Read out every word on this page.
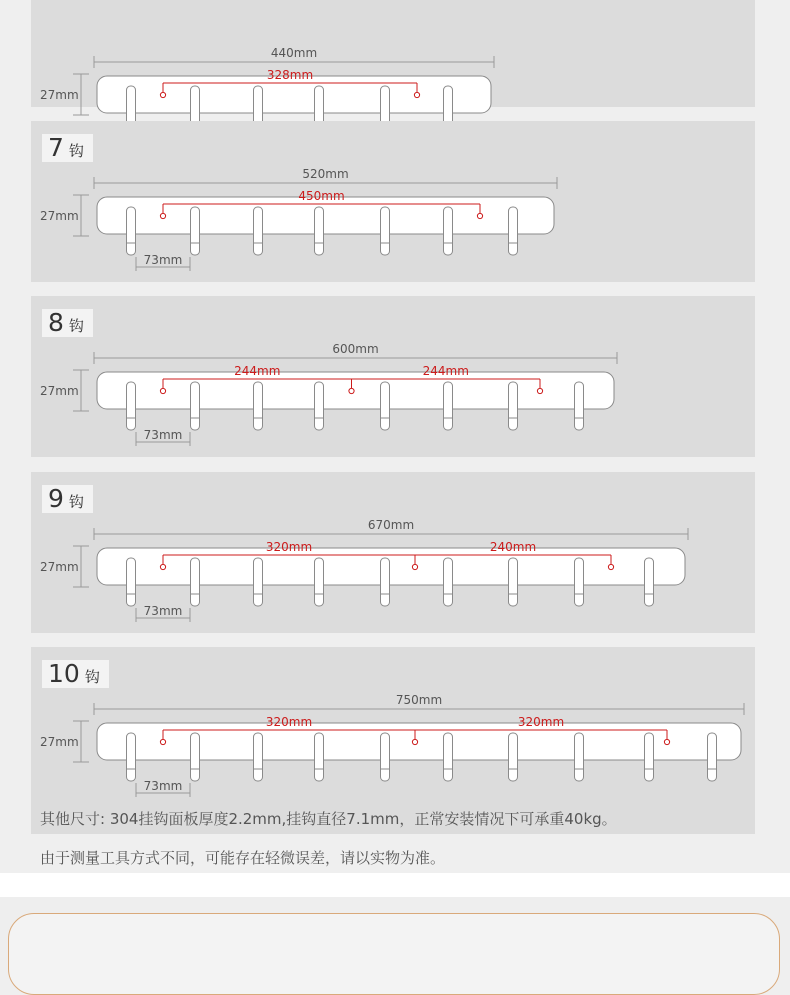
440mm
27mm
328mm
7 钩
520mm
27mm
450mm
73mm
8 钩
600mm
27mm
244mm	244mm
73mm
9 钩
670mm
27mm
320mm	240mm
73mm
10 钩
750mm
27mm
320mm	320mm
73mm
其他尺寸: 304挂钩面板厚度2.2mm,挂钩直径7.1mm，正常安装情况下可承重40kg。
由于测量工具方式不同，可能存在轻微误差，请以实物为准。
